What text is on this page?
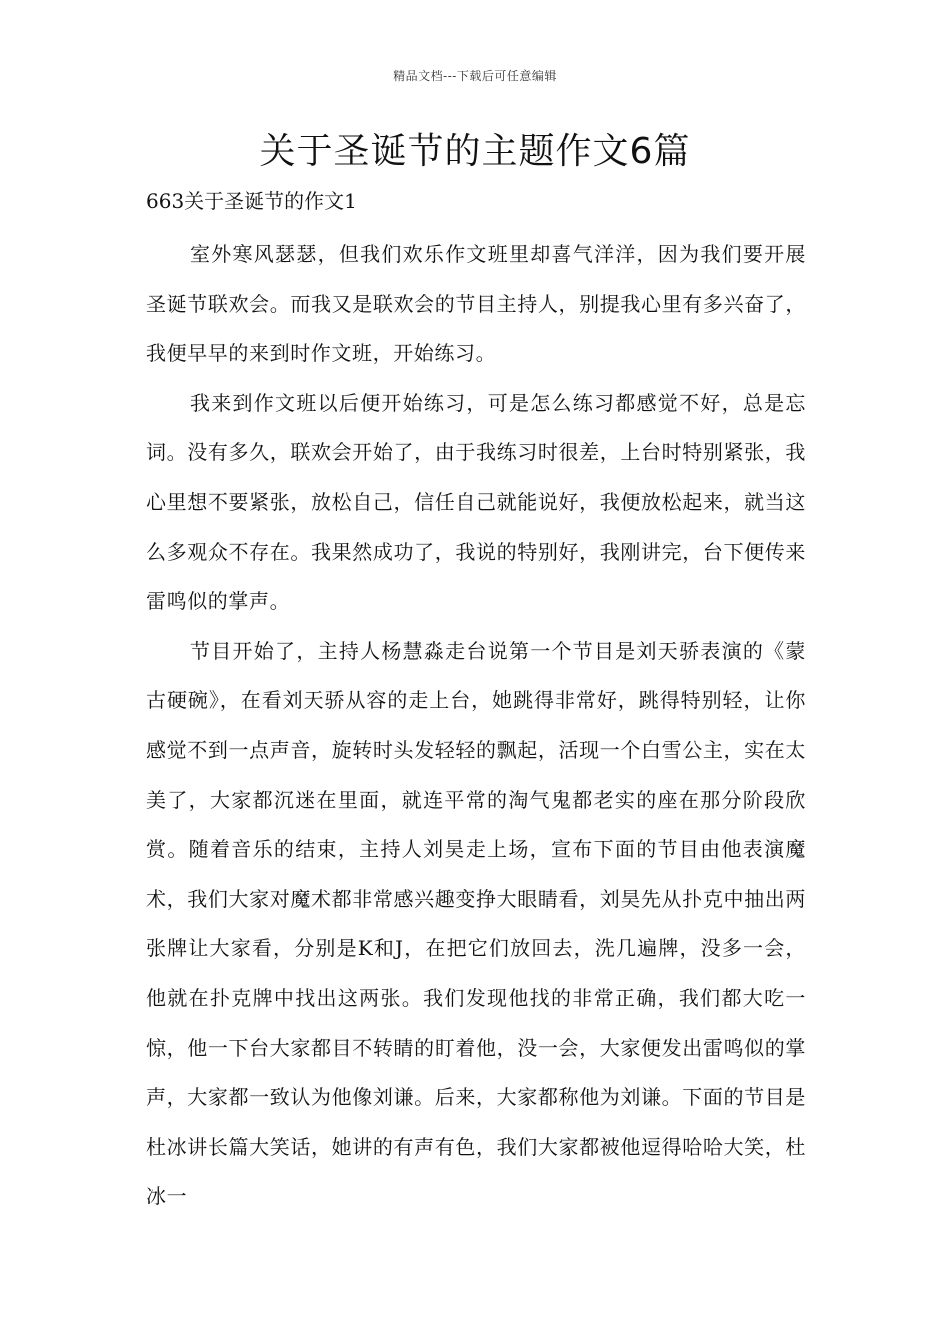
精品文档---下载后可任意编辑
关于圣诞节的主题作文6篇
663关于圣诞节的作文1

室外寒风瑟瑟，但我们欢乐作文班里却喜气洋洋，因为我们要开展圣诞节联欢会。而我又是联欢会的节目主持人，别提我心里有多兴奋了，我便早早的来到时作文班，开始练习。

我来到作文班以后便开始练习，可是怎么练习都感觉不好，总是忘词。没有多久，联欢会开始了，由于我练习时很差，上台时特别紧张，我心里想不要紧张，放松自己，信任自己就能说好，我便放松起来，就当这么多观众不存在。我果然成功了，我说的特别好，我刚讲完，台下便传来雷鸣似的掌声。

节目开始了，主持人杨慧淼走台说第一个节目是刘天骄表演的《蒙古硬碗》，在看刘天骄从容的走上台，她跳得非常好，跳得特别轻，让你感觉不到一点声音，旋转时头发轻轻的飘起，活现一个白雪公主，实在太美了，大家都沉迷在里面，就连平常的淘气鬼都老实的座在那分阶段欣赏。随着音乐的结束，主持人刘昊走上场，宣布下面的节目由他表演魔术，我们大家对魔术都非常感兴趣变挣大眼睛看，刘昊先从扑克中抽出两张牌让大家看，分别是K和J，在把它们放回去，洗几遍牌，没多一会，他就在扑克牌中找出这两张。我们发现他找的非常正确，我们都大吃一惊，他一下台大家都目不转睛的盯着他，没一会，大家便发出雷鸣似的掌声，大家都一致认为他像刘谦。后来，大家都称他为刘谦。下面的节目是杜冰讲长篇大笑话，她讲的有声有色，我们大家都被他逗得哈哈大笑，杜冰一
